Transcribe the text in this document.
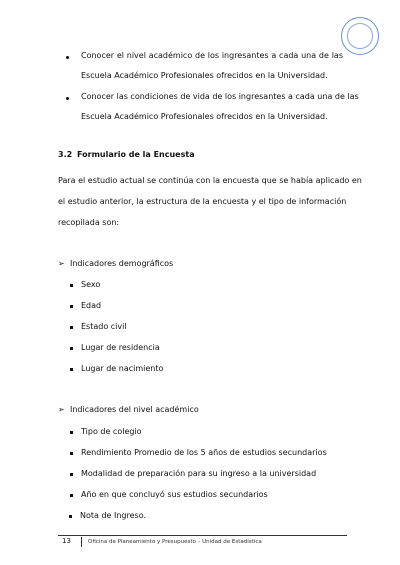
Conocer el nivel académico de los ingresantes a cada una de las
Escuela Académico Profesionales ofrecidos en la Universidad.
Conocer las condiciones de vida de los ingresantes a cada una de las
Escuela Académico Profesionales ofrecidos en la Universidad.
3.2 Formulario de la Encuesta
Para el estudio actual se continúa con la encuesta que se había aplicado en
el estudio anterior, la estructura de la encuesta y el tipo de información
recopilada son:
➢ Indicadores demográficos
Sexo
Edad
Estado civil
Lugar de residencia
Lugar de nacimiento
➢ Indicadores del nivel académico
Tipo de colegio
Rendimiento Promedio de los 5 años de estudios secundarios
Modalidad de preparación para su ingreso a la universidad
Año en que concluyó sus estudios secundarios
Nota de Ingreso.
13	Oficina de Planeamiento y Presupuesto – Unidad de Estadística
